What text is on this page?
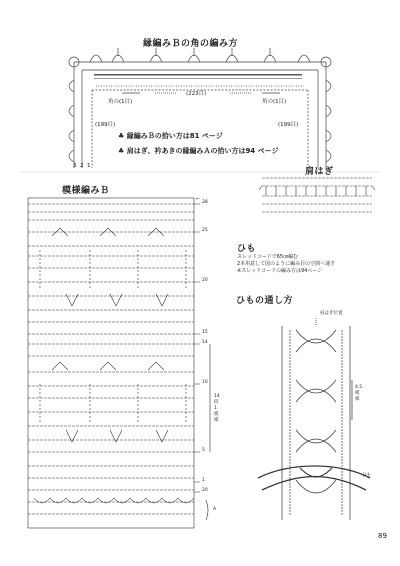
縁編みＢの角の編み方
角の(1目)
(223目)
角の(1目)
(199目)	(199目)
3 2 1
♣ 縁編みＢの拾い方は81 ページ
♣ 肩はぎ、衿あきの縁編みＡの拾い方は94 ページ
模様編みＢ
←
28
25
20
15
14
10
5
1
20
A
14段1模様
肩はぎ
ひも
スレッドコードで65㎝編む
2本用意して図のように編み目の空間へ通す
※スレッドコードの編み方は94ページ
ひもの通し方
肩はぎ位置
4.5模様
ひも
89
